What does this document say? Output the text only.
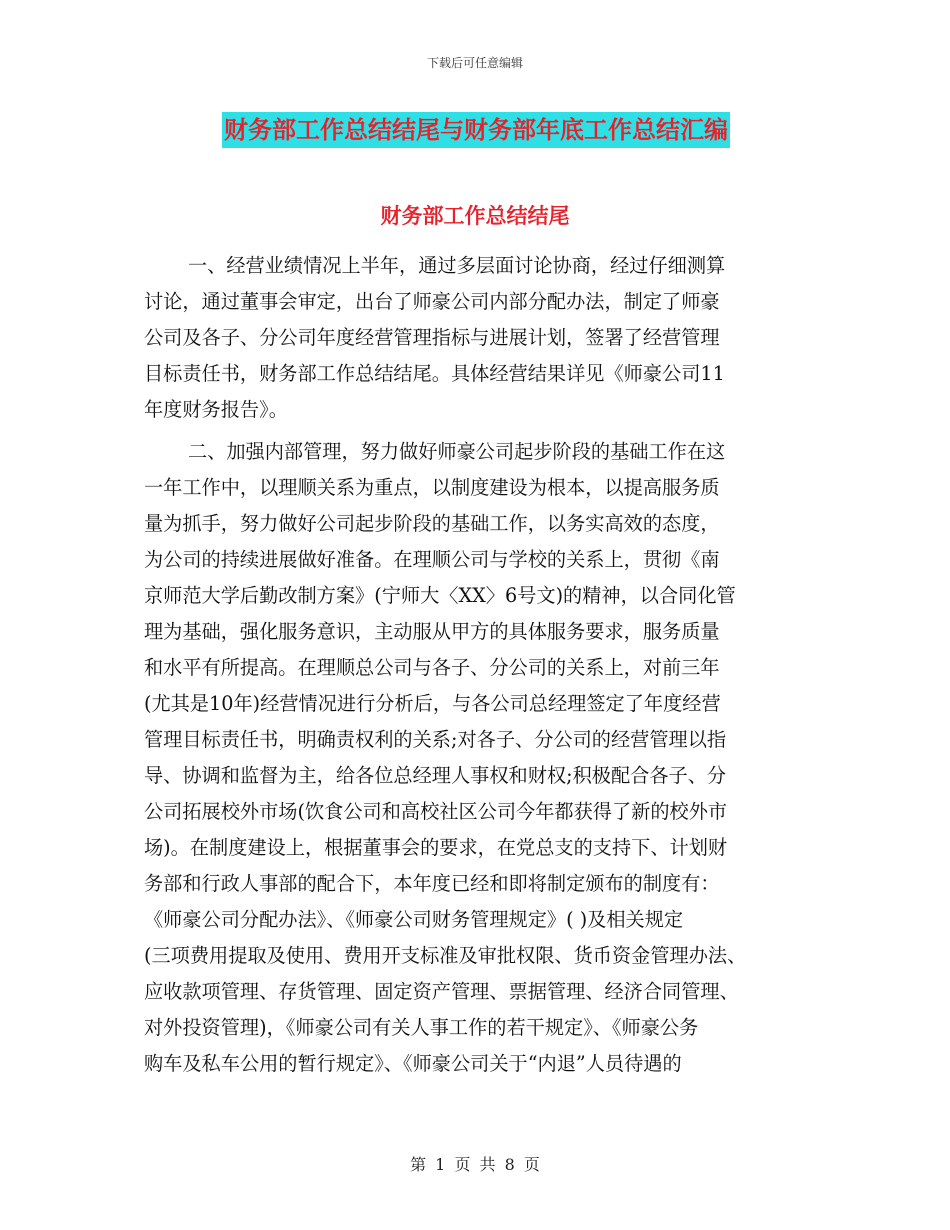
下载后可任意编辑
财务部工作总结结尾与财务部年底工作总结汇编
财务部工作总结结尾
一、经营业绩情况上半年，通过多层面讨论协商，经过仔细测算
讨论，通过董事会审定，出台了师豪公司内部分配办法，制定了师豪
公司及各子、分公司年度经营管理指标与进展计划，签署了经营管理
目标责任书，财务部工作总结结尾。具体经营结果详见《师豪公司11
年度财务报告》。
二、加强内部管理，努力做好师豪公司起步阶段的基础工作在这
一年工作中，以理顺关系为重点，以制度建设为根本，以提高服务质
量为抓手，努力做好公司起步阶段的基础工作，以务实高效的态度，
为公司的持续进展做好准备。在理顺公司与学校的关系上，贯彻《南
京师范大学后勤改制方案》(宁师大〈XX〉6号文)的精神，以合同化管
理为基础，强化服务意识，主动服从甲方的具体服务要求，服务质量
和水平有所提高。在理顺总公司与各子、分公司的关系上，对前三年
(尤其是10年)经营情况进行分析后，与各公司总经理签定了年度经营
管理目标责任书，明确责权利的关系;对各子、分公司的经营管理以指
导、协调和监督为主，给各位总经理人事权和财权;积极配合各子、分
公司拓展校外市场(饮食公司和高校社区公司今年都获得了新的校外市
场)。在制度建设上，根据董事会的要求，在党总支的支持下、计划财
务部和行政人事部的配合下，本年度已经和即将制定颁布的制度有：
《师豪公司分配办法》、《师豪公司财务管理规定》( )及相关规定
(三项费用提取及使用、费用开支标准及审批权限、货币资金管理办法、
应收款项管理、存货管理、固定资产管理、票据管理、经济合同管理、
对外投资管理)，《师豪公司有关人事工作的若干规定》、《师豪公务
购车及私车公用的暂行规定》、《师豪公司关于“内退”人员待遇的
第 1 页 共 8 页
